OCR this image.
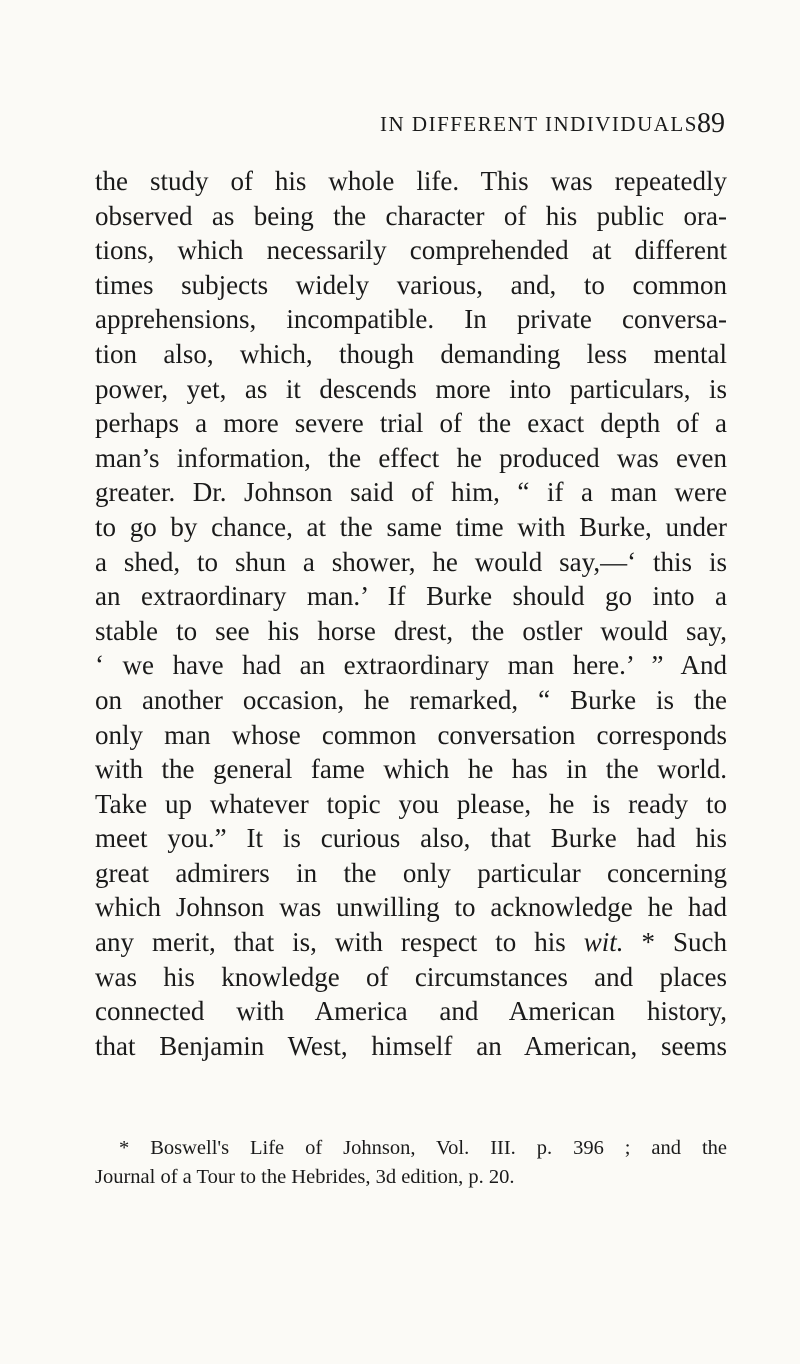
IN DIFFERENT INDIVIDUALS.
89
the study of his whole life. This was repeatedly
observed as being the character of his public ora-
tions, which necessarily comprehended at different
times subjects widely various, and, to common
apprehensions, incompatible. In private conversa-
tion also, which, though demanding less mental
power, yet, as it descends more into particulars, is
perhaps a more severe trial of the exact depth of a
man’s information, the effect he produced was even
greater. Dr. Johnson said of him, “ if a man were
to go by chance, at the same time with Burke, under
a shed, to shun a shower, he would say,—‘ this is
an extraordinary man.’ If Burke should go into a
stable to see his horse drest, the ostler would say,
‘ we have had an extraordinary man here.’ ” And
on another occasion, he remarked, “ Burke is the
only man whose common conversation corresponds
with the general fame which he has in the world.
Take up whatever topic you please, he is ready to
meet you.” It is curious also, that Burke had his
great admirers in the only particular concerning
which Johnson was unwilling to acknowledge he had
any merit, that is, with respect to his wit. * Such
was his knowledge of circumstances and places
connected with America and American history,
that Benjamin West, himself an American, seems
* Boswell's Life of Johnson, Vol. III. p. 396 ; and the
Journal of a Tour to the Hebrides, 3d edition, p. 20.
